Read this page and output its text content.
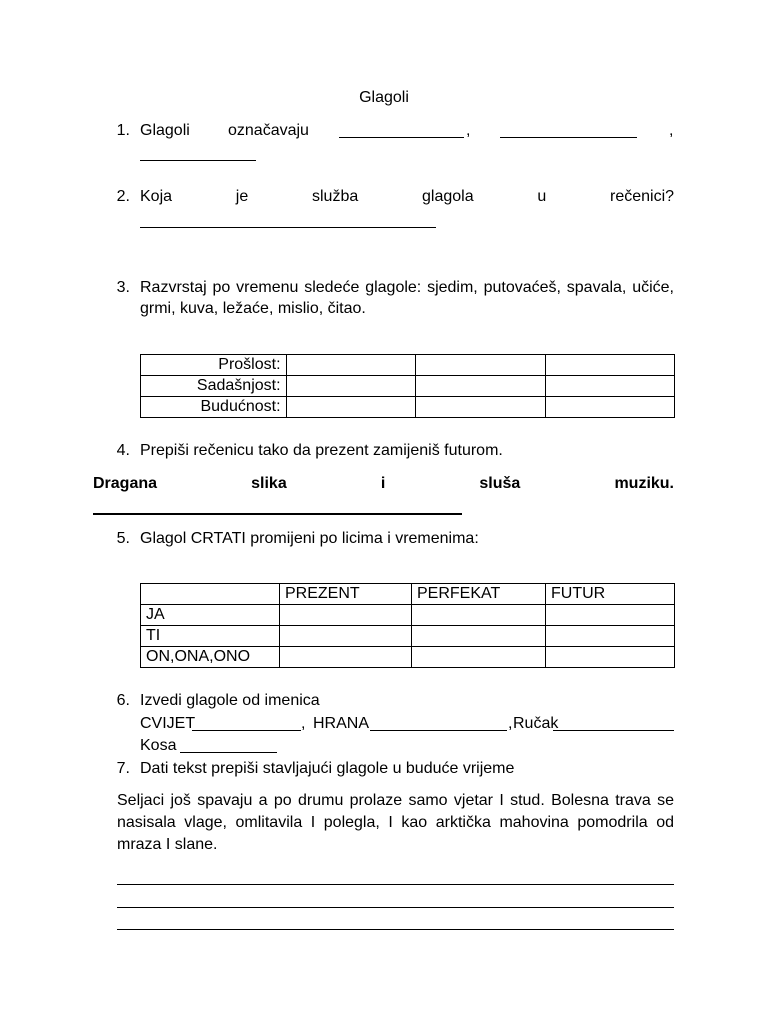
Glagoli
1. Glagoli označavaju	,	,
2. Koja	je	služba	glagola	u	rečenici?
3. Razvrstaj po vremenu sledeće glagole: sjedim, putovaćeš, spavala, učiće,
grmi, kuva, ležaće, mislio, čitao.
Prošlost:			
Sadašnjost:			
Budućnost:			
4. Prepiši rečenicu tako da prezent zamijeniš futurom.
Dragana	slika	i	sluša	muziku.
5. Glagol CRTATI promijeni po licima i vremenima:
	PREZENT	PERFEKAT	FUTUR
JA			
TI			
ON,ONA,ONO			
6. Izvedi glagole od imenica
CVIJET	, HRANA	, Ručak
Kosa
7. Dati tekst prepiši stavljajući glagole u buduće vrijeme
Seljaci još spavaju a po drumu prolaze samo vjetar I stud. Bolesna trava se nasisala vlage, omlitavila I polegla, I kao arktička mahovina pomodrila od mraza I slane.
